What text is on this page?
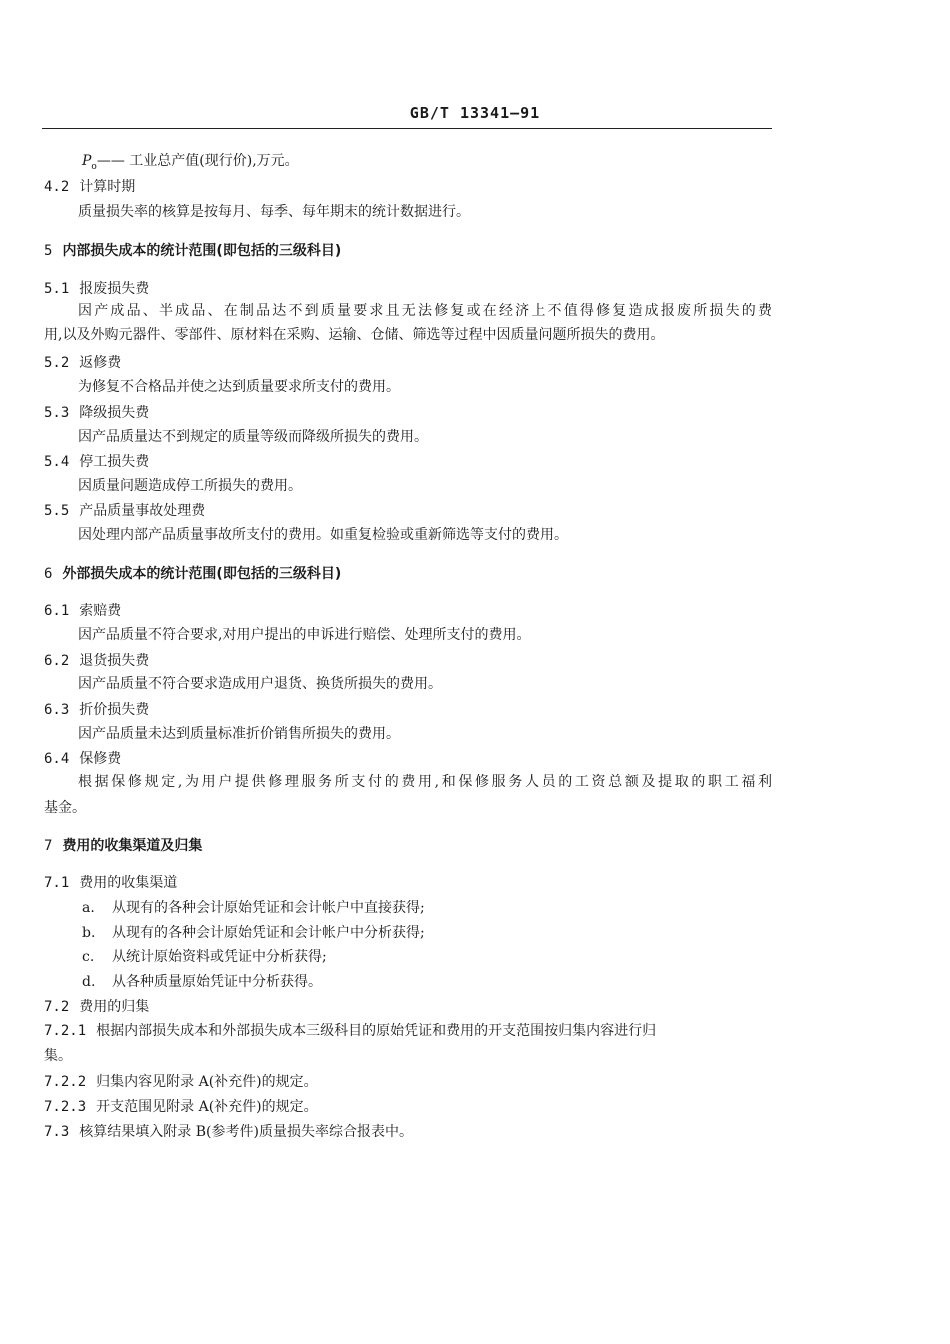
GB/T 13341—91
$P_o——$ 工业总产值(现行价),万元。
4.2 计算时期
质量损失率的核算是按每月、每季、每年期末的统计数据进行。
5 内部损失成本的统计范围(即包括的三级科目)
5.1 报废损失费
因产成品、半成品、在制品达不到质量要求且无法修复或在经济上不值得修复造成报废所损失的费
用,以及外购元器件、零部件、原材料在采购、运输、仓储、筛选等过程中因质量问题所损失的费用。
5.2 返修费
为修复不合格品并使之达到质量要求所支付的费用。
5.3 降级损失费
因产品质量达不到规定的质量等级而降级所损失的费用。
5.4 停工损失费
因质量问题造成停工所损失的费用。
5.5 产品质量事故处理费
因处理内部产品质量事故所支付的费用。如重复检验或重新筛选等支付的费用。
6 外部损失成本的统计范围(即包括的三级科目)
6.1 索赔费
因产品质量不符合要求,对用户提出的申诉进行赔偿、处理所支付的费用。
6.2 退货损失费
因产品质量不符合要求造成用户退货、换货所损失的费用。
6.3 折价损失费
因产品质量未达到质量标准折价销售所损失的费用。
6.4 保修费
根据保修规定,为用户提供修理服务所支付的费用,和保修服务人员的工资总额及提取的职工福利
基金。
7 费用的收集渠道及归集
7.1 费用的收集渠道
a. 从现有的各种会计原始凭证和会计帐户中直接获得;
b. 从现有的各种会计原始凭证和会计帐户中分析获得;
c. 从统计原始资料或凭证中分析获得;
d. 从各种质量原始凭证中分析获得。
7.2 费用的归集
7.2.1 根据内部损失成本和外部损失成本三级科目的原始凭证和费用的开支范围按归集内容进行归
集。
7.2.2 归集内容见附录 A(补充件)的规定。
7.2.3 开支范围见附录 A(补充件)的规定。
7.3 核算结果填入附录 B(参考件)质量损失率综合报表中。
